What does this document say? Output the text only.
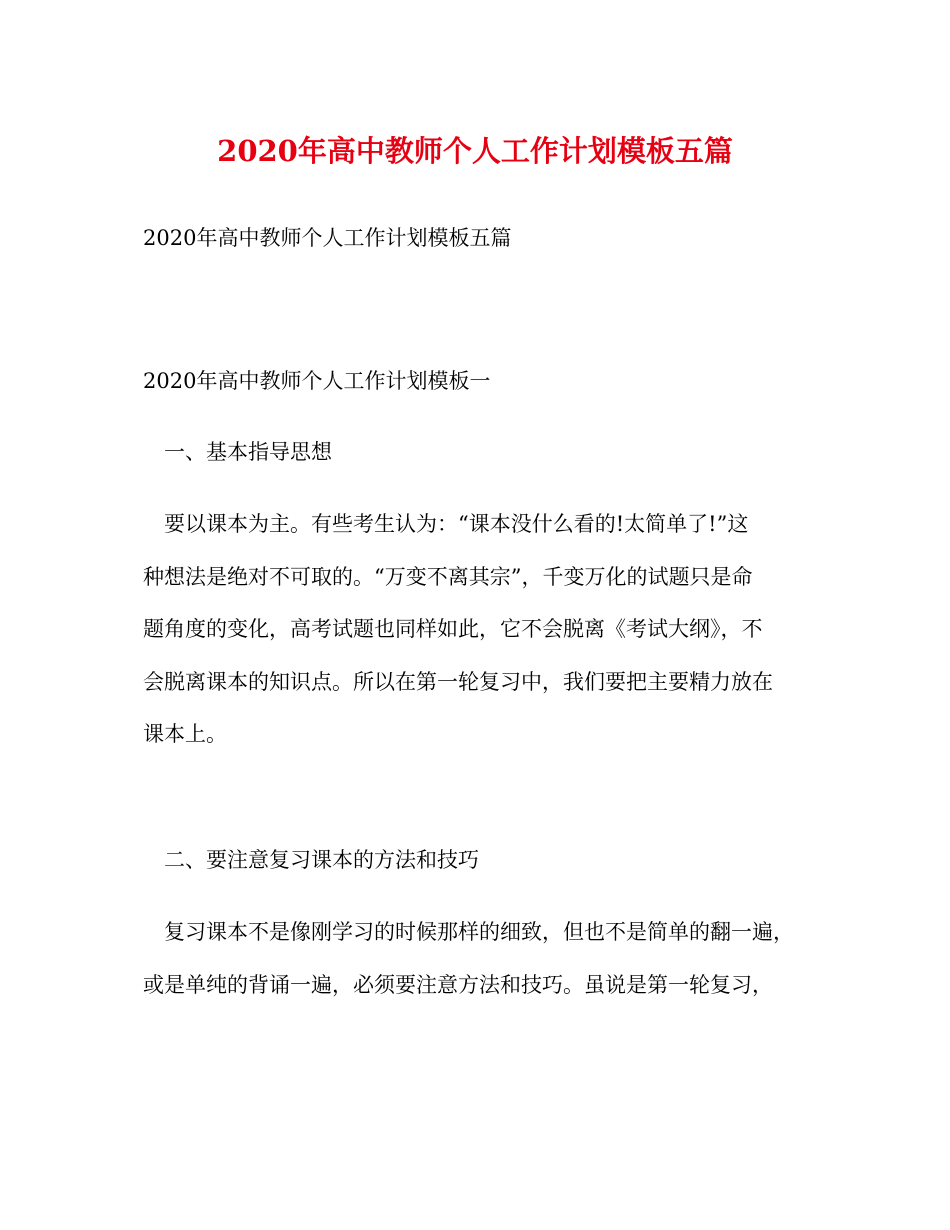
2020年高中教师个人工作计划模板五篇

2020年高中教师个人工作计划模板五篇

2020年高中教师个人工作计划模板一

一、基本指导思想

要以课本为主。有些考生认为：“课本没什么看的!太简单了!”这
种想法是绝对不可取的。“万变不离其宗”，千变万化的试题只是命
题角度的变化，高考试题也同样如此，它不会脱离《考试大纲》，不
会脱离课本的知识点。所以在第一轮复习中，我们要把主要精力放在
课本上。

二、要注意复习课本的方法和技巧

复习课本不是像刚学习的时候那样的细致，但也不是简单的翻一遍，
或是单纯的背诵一遍，必须要注意方法和技巧。虽说是第一轮复习，
